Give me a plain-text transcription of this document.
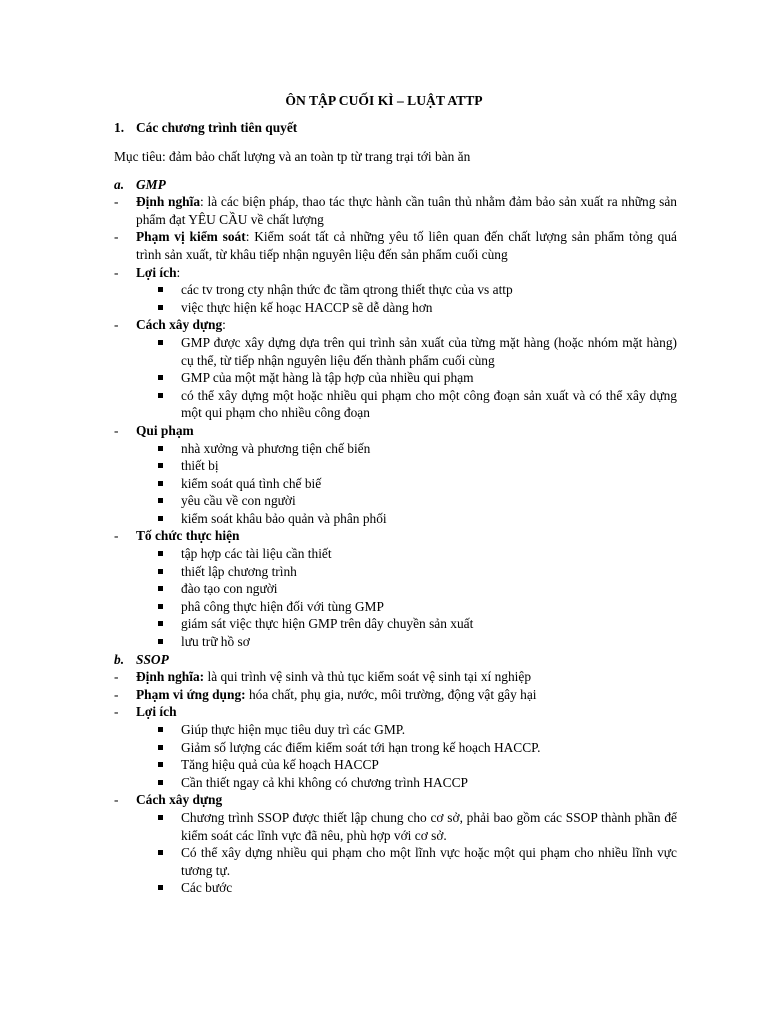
ÔN TẬP CUỐI KÌ – LUẬT ATTP
1. Các chương trình tiên quyết
Mục tiêu: đảm bảo chất lượng và an toàn tp từ trang trại tới bàn ăn
a. GMP
- Định nghĩa: là các biện pháp, thao tác thực hành cần tuân thủ nhằm đảm bảo sản xuất ra những sản phẩm đạt YÊU CẦU về chất lượng
- Phạm vị kiểm soát: Kiểm soát tất cả những yêu tố liên quan đến chất lượng sản phẩm tỏng quá trình sản xuất, từ khâu tiếp nhận nguyên liệu đến sản phẩm cuối cùng
- Lợi ích:
các tv trong cty nhận thức đc tầm qtrong thiết thực của vs attp
việc thực hiện kế hoạc HACCP sẽ dễ dàng hơn
- Cách xây dựng:
GMP được xây dựng dựa trên qui trình sản xuất của từng mặt hàng (hoặc nhóm mặt hàng) cụ thể, từ tiếp nhận nguyên liệu đến thành phẩm cuối cùng
GMP của một mặt hàng là tập hợp của nhiều qui phạm
có thể xây dựng một hoặc nhiều qui phạm cho một công đoạn sản xuất và có thể xây dựng một qui phạm cho nhiều công đoạn
- Qui phạm
nhà xưởng và phương tiện chế biến
thiết bị
kiểm soát quá tình chế biế
yêu cầu về con người
kiểm soát khâu bảo quản và phân phối
- Tố chức thực hiện
tập hợp các tài liệu cần thiết
thiết lập chương trình
đào tạo con người
phâ công thực hiện đối với tùng GMP
giám sát việc thực hiện GMP trên dây chuyền sản xuất
lưu trữ hồ sơ
b. SSOP
- Định nghĩa: là qui trình vệ sinh và thủ tục kiểm soát vệ sinh tại xí nghiệp
- Phạm vi ứng dụng: hóa chất, phụ gia, nước, môi trường, động vật gây hại
- Lợi ích
Giúp thực hiện mục tiêu duy trì các GMP.
Giảm số lượng các điểm kiểm soát tới hạn trong kế hoạch HACCP.
Tăng hiệu quả của kế hoạch HACCP
Cần thiết ngay cả khi không có chương trình HACCP
- Cách xây dựng
Chương trình SSOP được thiết lập chung cho cơ sở, phải bao gồm các SSOP thành phần để kiểm soát các lĩnh vực đã nêu, phù hợp với cơ sở.
Có thể xây dựng nhiều qui phạm cho một lĩnh vực hoặc một qui phạm cho nhiều lĩnh vực tương tự.
Các bước
